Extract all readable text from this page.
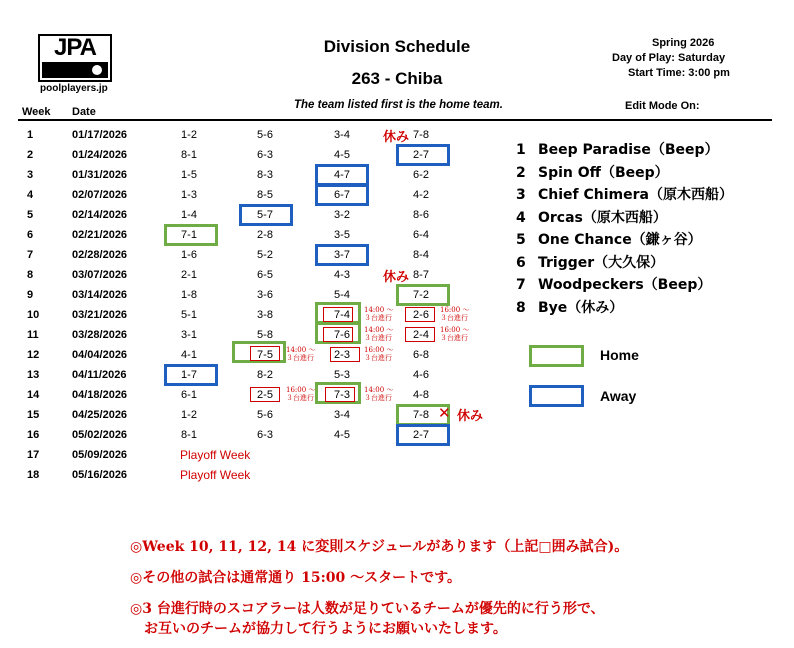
JPA
poolplayers.jp
Division Schedule
263 - Chiba
The team listed first is the home team.
Spring 2026
Day of Play: Saturday
Start Time: 3:00 pm
Edit Mode On:
Week Date
1	01/17/2026	1-2	5-6	3-4	7-8
2	01/24/2026	8-1	6-3	4-5	2-7
3	01/31/2026	1-5	8-3	4-7	6-2
4	02/07/2026	1-3	8-5	6-7	4-2
5	02/14/2026	1-4	5-7	3-2	8-6
6	02/21/2026	7-1	2-8	3-5	6-4
7	02/28/2026	1-6	5-2	3-7	8-4
8	03/07/2026	2-1	6-5	4-3	8-7
9	03/14/2026	1-8	3-6	5-4	7-2
10	03/21/2026	5-1	3-8	7-4	2-6
11	03/28/2026	3-1	5-8	7-6	2-4
12	04/04/2026	4-1	7-5	2-3	6-8
13	04/11/2026	1-7	8-2	5-3	4-6
14	04/18/2026	6-1	2-5	7-3	4-8
15	04/25/2026	1-2	5-6	3-4	7-8
16	05/02/2026	8-1	6-3	4-5	2-7
17	05/09/2026	Playoff Week
18	05/16/2026	Playoff Week
14:00 ～
３台進行
16:00 ～
３台進行
14:00 ～
３台進行
16:00 ～
３台進行
14:00 ～
３台進行
16:00 ～
３台進行
16:00 ～
３台進行
14:00 ～
３台進行
休み
休み
✕ 休み
1 Beep Paradise（Beep）
2 Spin Off（Beep）
3 Chief Chimera（原木西船）
4 Orcas（原木西船）
5 One Chance（鎌ヶ谷）
6 Trigger（大久保）
7 Woodpeckers（Beep）
8 Bye（休み）
Home
Away
◎Week 10, 11, 12, 14 に変則スケジュールがあります（上記□囲み試合)。
◎その他の試合は通常通り 15:00 ～スタートです。
◎3 台進行時のスコアラーは人数が足りているチームが優先的に行う形で、
　お互いのチームが協力して行うようにお願いいたします。
